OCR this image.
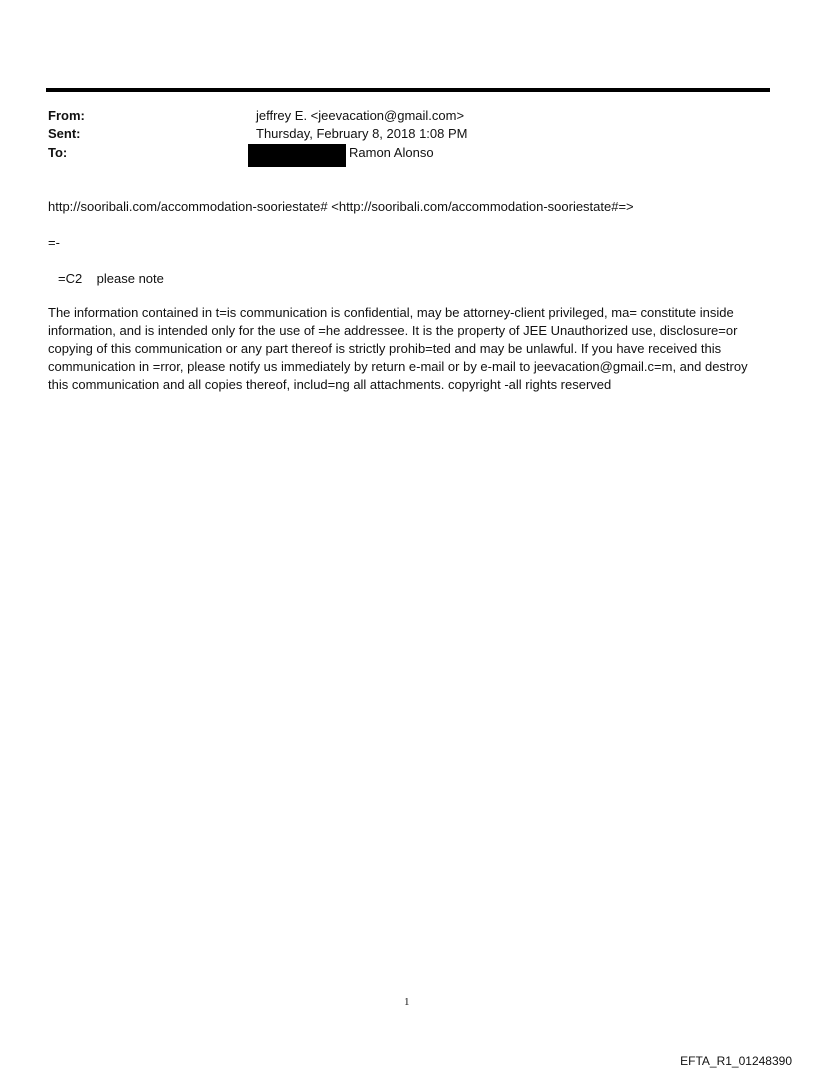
From:	jeffrey E. <jeevacation@gmail.com>
Sent:	Thursday, February 8, 2018 1:08 PM
To:	Ramon Alonso
http://sooribali.com/accommodation-sooriestate# <http://sooribali.com/accommodation-sooriestate#=>
=-
=C2    please note
The information contained in t=is communication is confidential, may be attorney-client privileged, ma= constitute inside information, and is intended only for the use of =he addressee. It is the property of JEE Unauthorized use, disclosure=or copying of this communication or any part thereof is strictly prohib=ted and may be unlawful. If you have received this communication in =rror, please notify us immediately by return e-mail or by e-mail to jeevacation@gmail.c=m, and destroy this communication and all copies thereof, includ=ng all attachments. copyright -all rights reserved
1
EFTA_R1_01248390
